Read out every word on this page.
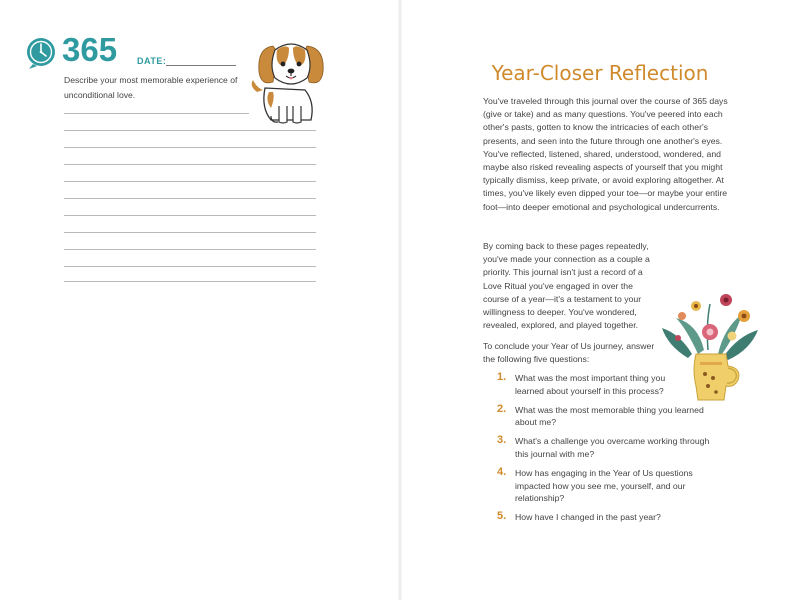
365 DATE:
Describe your most memorable experience of unconditional love.
Year-Closer Reflection
You've traveled through this journal over the course of 365 days (give or take) and as many questions. You've peered into each other's pasts, gotten to know the intricacies of each other's presents, and seen into the future through one another's eyes. You've reflected, listened, shared, understood, wondered, and maybe also risked revealing aspects of yourself that you might typically dismiss, keep private, or avoid exploring altogether. At times, you've likely even dipped your toe—or maybe your entire foot—into deeper emotional and psychological undercurrents.
By coming back to these pages repeatedly, you've made your connection as a couple a priority. This journal isn't just a record of a Love Ritual you've engaged in over the course of a year—it's a testament to your willingness to deeper. You've wondered, revealed, explored, and played together.
To conclude your Year of Us journey, answer the following five questions:
1. What was the most important thing you learned about yourself in this process?
2. What was the most memorable thing you learned about me?
3. What's a challenge you overcame working through this journal with me?
4. How has engaging in the Year of Us questions impacted how you see me, yourself, and our relationship?
5. How have I changed in the past year?
